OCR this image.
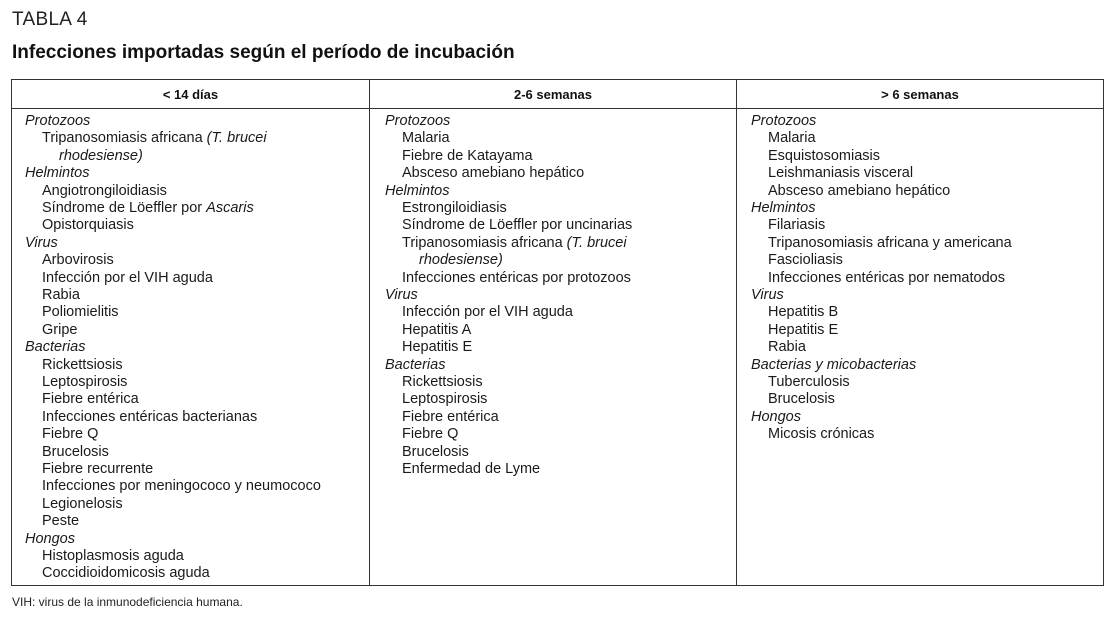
TABLA 4
Infecciones importadas según el período de incubación
< 14 días	2-6 semanas	> 6 semanas
Protozoos
Tripanosomiasis africana (T. brucei
rhodesiense)
Helmintos
Angiotrongiloidiasis
Síndrome de Löeffler por Ascaris
Opistorquiasis
Virus
Arbovirosis
Infección por el VIH aguda
Rabia
Poliomielitis
Gripe
Bacterias
Rickettsiosis
Leptospirosis
Fiebre entérica
Infecciones entéricas bacterianas
Fiebre Q
Brucelosis
Fiebre recurrente
Infecciones por meningococo y neumococo
Legionelosis
Peste
Hongos
Histoplasmosis aguda
Coccidioidomicosis aguda
Protozoos
Malaria
Fiebre de Katayama
Absceso amebiano hepático
Helmintos
Estrongiloidiasis
Síndrome de Löeffler por uncinarias
Tripanosomiasis africana (T. brucei
rhodesiense)
Infecciones entéricas por protozoos
Virus
Infección por el VIH aguda
Hepatitis A
Hepatitis E
Bacterias
Rickettsiosis
Leptospirosis
Fiebre entérica
Fiebre Q
Brucelosis
Enfermedad de Lyme
Protozoos
Malaria
Esquistosomiasis
Leishmaniasis visceral
Absceso amebiano hepático
Helmintos
Filariasis
Tripanosomiasis africana y americana
Fascioliasis
Infecciones entéricas por nematodos
Virus
Hepatitis B
Hepatitis E
Rabia
Bacterias y micobacterias
Tuberculosis
Brucelosis
Hongos
Micosis crónicas
VIH: virus de la inmunodeficiencia humana.
